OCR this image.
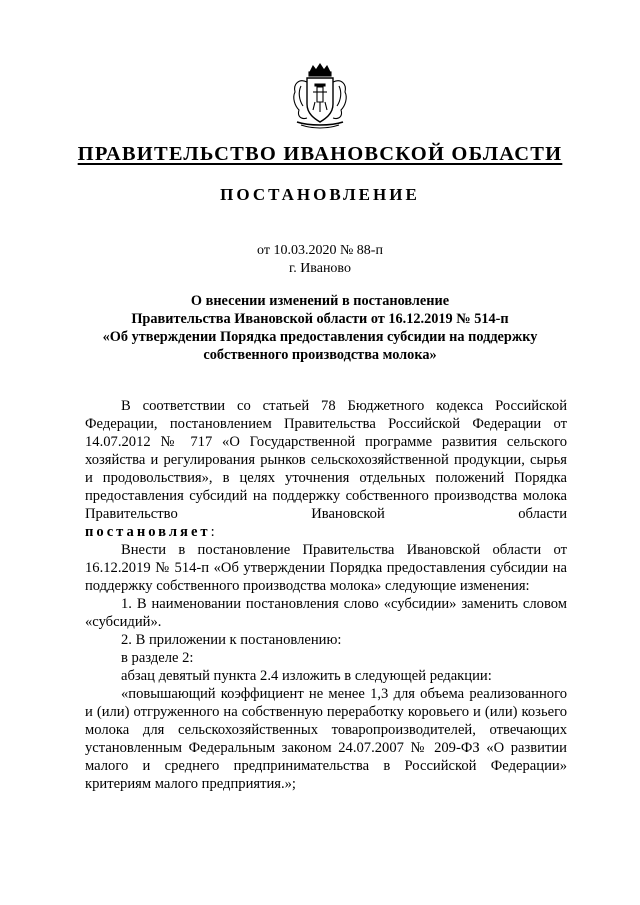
ПРАВИТЕЛЬСТВО ИВАНОВСКОЙ ОБЛАСТИ
ПОСТАНОВЛЕНИЕ
от 10.03.2020 № 88-п
г. Иваново
О внесении изменений в постановление
Правительства Ивановской области от 16.12.2019 № 514-п
«Об утверждении Порядка предоставления субсидии на поддержку
собственного производства молока»

В соответствии со статьей 78 Бюджетного кодекса Российской Федерации, постановлением Правительства Российской Федерации от 14.07.2012 № 717 «О Государственной программе развития сельского хозяйства и регулирования рынков сельскохозяйственной продукции, сырья и продовольствия», в целях уточнения отдельных положений Порядка предоставления субсидий на поддержку собственного производства молока Правительство Ивановской области

постановляет:

Внести в постановление Правительства Ивановской области от 16.12.2019 № 514-п «Об утверждении Порядка предоставления субсидии на поддержку собственного производства молока» следующие изменения:

1. В наименовании постановления слово «субсидии» заменить словом «субсидий».

2. В приложении к постановлению:

в разделе 2:

абзац девятый пункта 2.4 изложить в следующей редакции:

«повышающий коэффициент не менее 1,3 для объема реализованного и (или) отгруженного на собственную переработку коровьего и (или) козьего молока для сельскохозяйственных товаропроизводителей, отвечающих установленным Федеральным законом 24.07.2007 № 209-ФЗ «О развитии малого и среднего предпринимательства в Российской Федерации» критериям малого предприятия.»;
